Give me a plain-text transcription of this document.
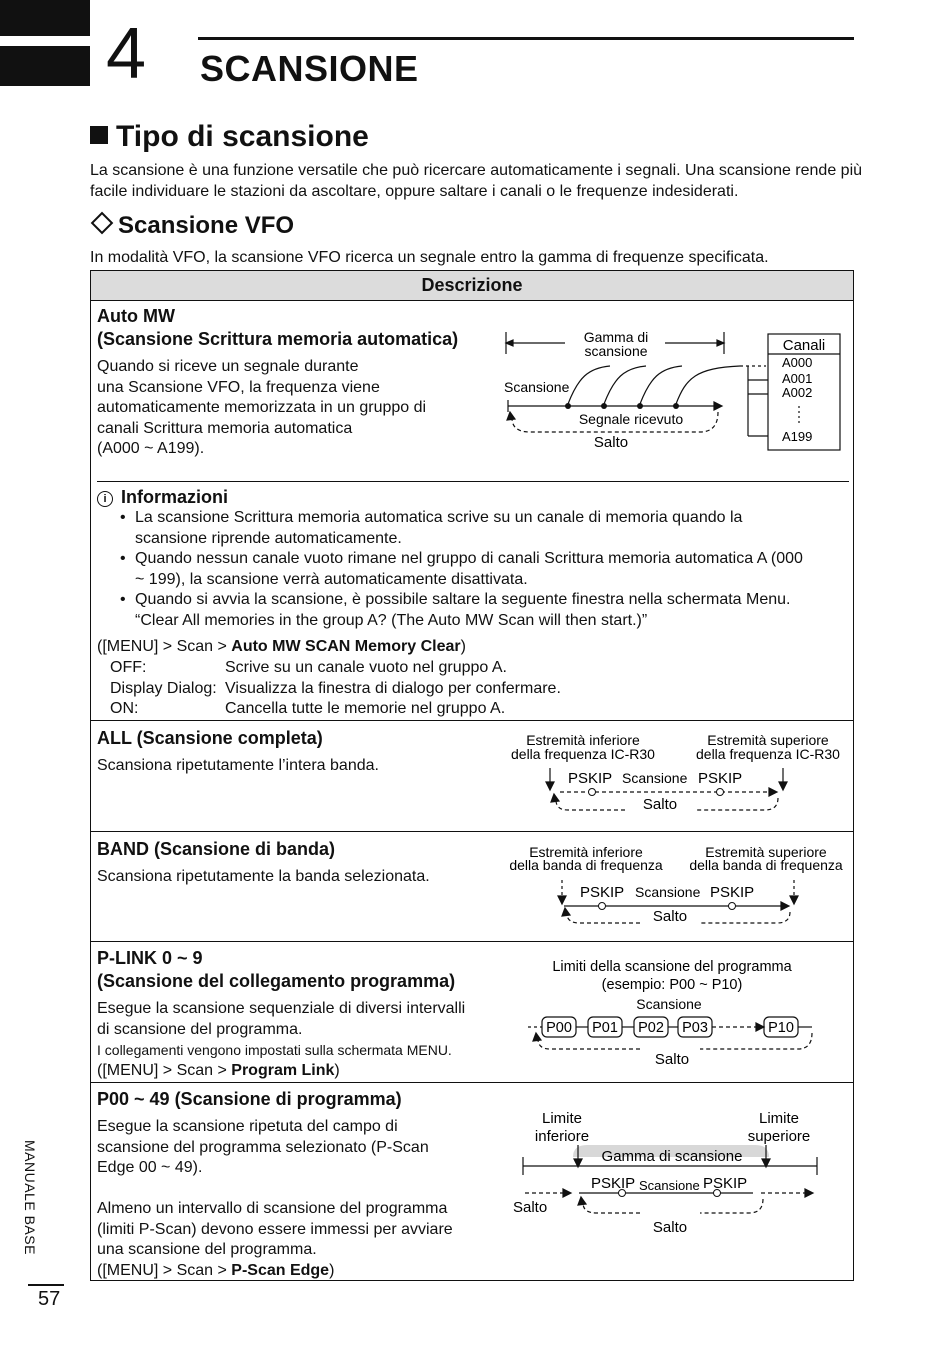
4 SCANSIONE
Tipo di scansione
La scansione è una funzione versatile che può ricercare automaticamente i segnali. Una scansione rende più facile individuare le stazioni da ascoltare, oppure saltare i canali o le frequenze indesiderati.
Scansione VFO
In modalità VFO, la scansione VFO ricerca un segnale entro la gamma di frequenze specificata.
Descrizione
Auto MW
(Scansione Scrittura memoria automatica)
Quando si riceve un segnale durante
una Scansione VFO, la frequenza viene
automaticamente memorizzata in un gruppo di
canali Scrittura memoria automatica
(A000 ~ A199).
Gamma di
scansione
Scansione
Segnale ricevuto
Salto
Canali
A000
A001
A002
A199
i Informazioni
• La scansione Scrittura memoria automatica scrive su un canale di memoria quando la
scansione riprende automaticamente.
• Quando nessun canale vuoto rimane nel gruppo di canali Scrittura memoria automatica A (000
~ 199), la scansione verrà automaticamente disattivata.
• Quando si avvia la scansione, è possibile saltare la seguente finestra nella schermata Menu.
“Clear All memories in the group A? (The Auto MW Scan will then start.)”
([MENU] > Scan > Auto MW SCAN Memory Clear)
OFF:	Scrive su un canale vuoto nel gruppo A.
Display Dialog: Visualizza la finestra di dialogo per confermare.
ON:	Cancella tutte le memorie nel gruppo A.
ALL (Scansione completa)
Scansiona ripetutamente l’intera banda.
Estremità inferiore
della frequenza IC-R30
Estremità superiore
della frequenza IC-R30
PSKIP Scansione PSKIP
Salto
BAND (Scansione di banda)
Scansiona ripetutamente la banda selezionata.
Estremità inferiore
della banda di frequenza
Estremità superiore
della banda di frequenza
PSKIP Scansione PSKIP
Salto
P-LINK 0 ~ 9
(Scansione del collegamento programma)
Esegue la scansione sequenziale di diversi intervalli
di scansione del programma.
I collegamenti vengono impostati sulla schermata MENU.
([MENU] > Scan > Program Link)
Limiti della scansione del programma
(esempio: P00 ~ P10)
Scansione
P00 P01 P02 P03	P10
Salto
P00 ~ 49 (Scansione di programma)
Esegue la scansione ripetuta del campo di
scansione del programma selezionato (P-Scan
Edge 00 ~ 49).
Almeno un intervallo di scansione del programma
(limiti P-Scan) devono essere immessi per avviare
una scansione del programma.
([MENU] > Scan > P-Scan Edge)
Limite
inferiore
Limite
superiore
Gamma di scansione
PSKIP Scansione PSKIP
Salto
Salto
MANUALE BASE
57
